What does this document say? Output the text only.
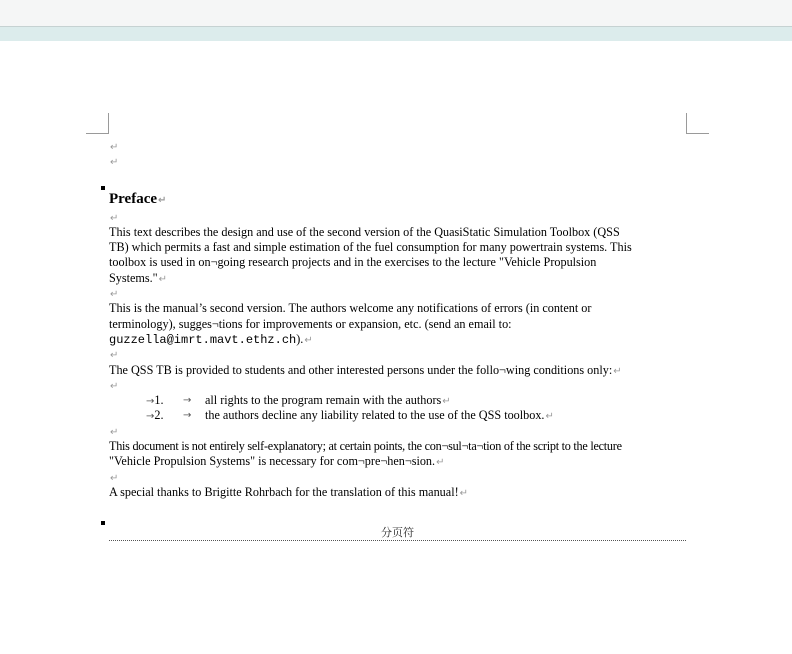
↵
↵
Preface↵
↵
This text describes the design and use of the second version of the QuasiStatic Simulation Toolbox (QSS
TB) which permits a fast and simple estimation of the fuel consumption for many powertrain systems. This
toolbox is used in on¬going research projects and in the exercises to the lecture "Vehicle Propulsion
Systems."↵
↵
This is the manual’s second version. The authors welcome any notifications of errors (in content or
terminology), sugges¬tions for improvements or expansion, etc. (send an email to:
guzzella@imrt.mavt.ethz.ch).↵
↵
The QSS TB is provided to students and other interested persons under the follo¬wing conditions only:↵
↵
→1. → all rights to the program remain with the authors↵
→2. → the authors decline any liability related to the use of the QSS toolbox.↵
↵
This document is not entirely self-explanatory; at certain points, the con¬sul¬ta¬tion of the script to the lecture
"Vehicle Propulsion Systems" is necessary for com¬pre¬hen¬sion.↵
↵
A special thanks to Brigitte Rohrbach for the translation of this manual!↵
分页符
